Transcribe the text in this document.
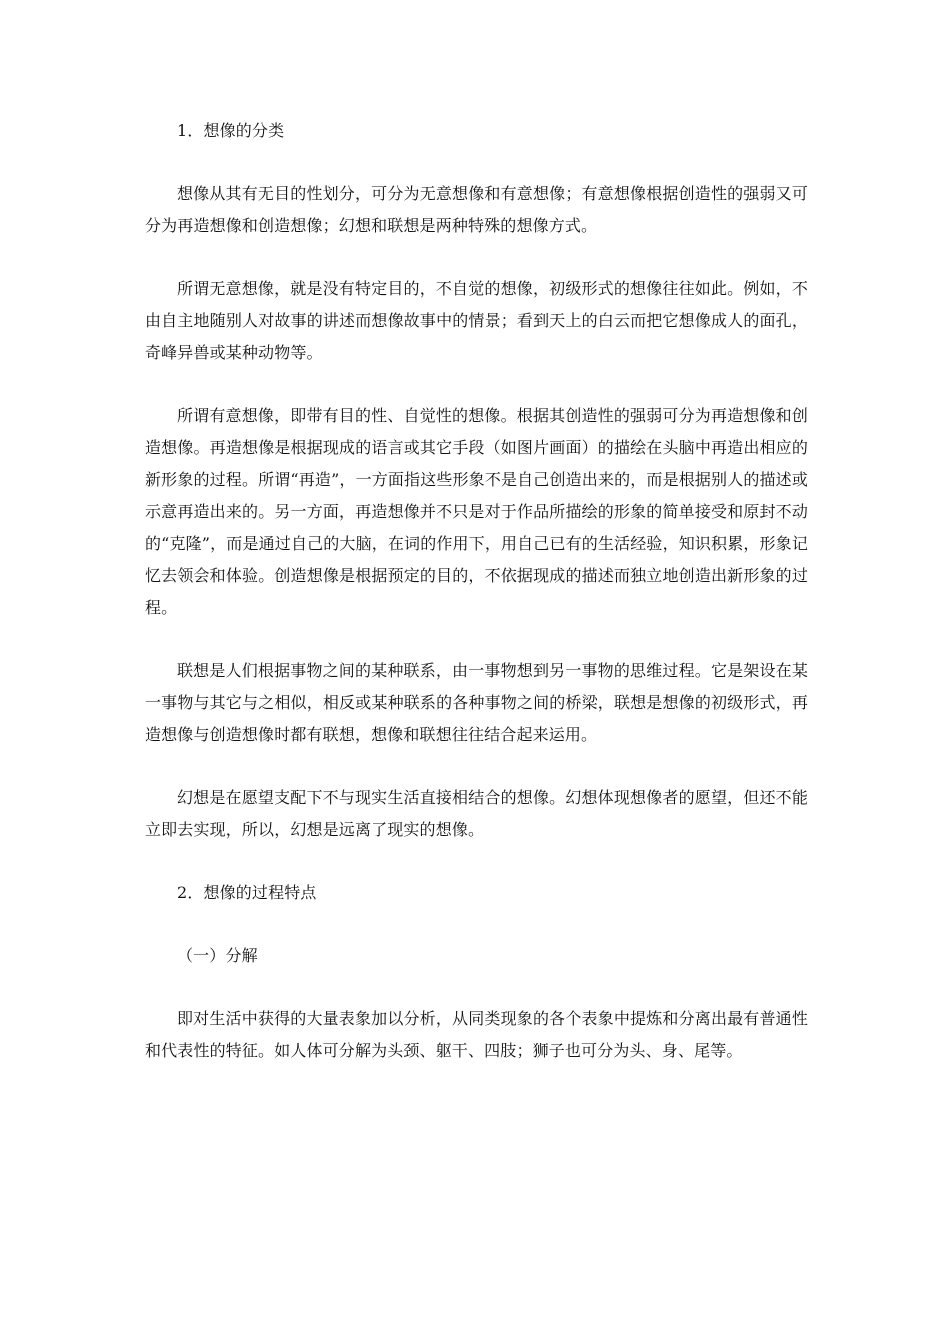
1．想像的分类

想像从其有无目的性划分，可分为无意想像和有意想像；有意想像根据创造性的强弱又可分为再造想像和创造想像；幻想和联想是两种特殊的想像方式。

所谓无意想像，就是没有特定目的，不自觉的想像，初级形式的想像往往如此。例如，不由自主地随别人对故事的讲述而想像故事中的情景；看到天上的白云而把它想像成人的面孔，奇峰异兽或某种动物等。

所谓有意想像，即带有目的性、自觉性的想像。根据其创造性的强弱可分为再造想像和创造想像。再造想像是根据现成的语言或其它手段（如图片画面）的描绘在头脑中再造出相应的新形象的过程。所谓“再造”，一方面指这些形象不是自己创造出来的，而是根据别人的描述或示意再造出来的。另一方面，再造想像并不只是对于作品所描绘的形象的简单接受和原封不动的“克隆”，而是通过自己的大脑，在词的作用下，用自己已有的生活经验，知识积累，形象记忆去领会和体验。创造想像是根据预定的目的，不依据现成的描述而独立地创造出新形象的过程。

联想是人们根据事物之间的某种联系，由一事物想到另一事物的思维过程。它是架设在某一事物与其它与之相似，相反或某种联系的各种事物之间的桥梁，联想是想像的初级形式，再造想像与创造想像时都有联想，想像和联想往往结合起来运用。

幻想是在愿望支配下不与现实生活直接相结合的想像。幻想体现想像者的愿望，但还不能立即去实现，所以，幻想是远离了现实的想像。

2．想像的过程特点

（一）分解

即对生活中获得的大量表象加以分析，从同类现象的各个表象中提炼和分离出最有普通性和代表性的特征。如人体可分解为头颈、躯干、四肢；狮子也可分为头、身、尾等。
